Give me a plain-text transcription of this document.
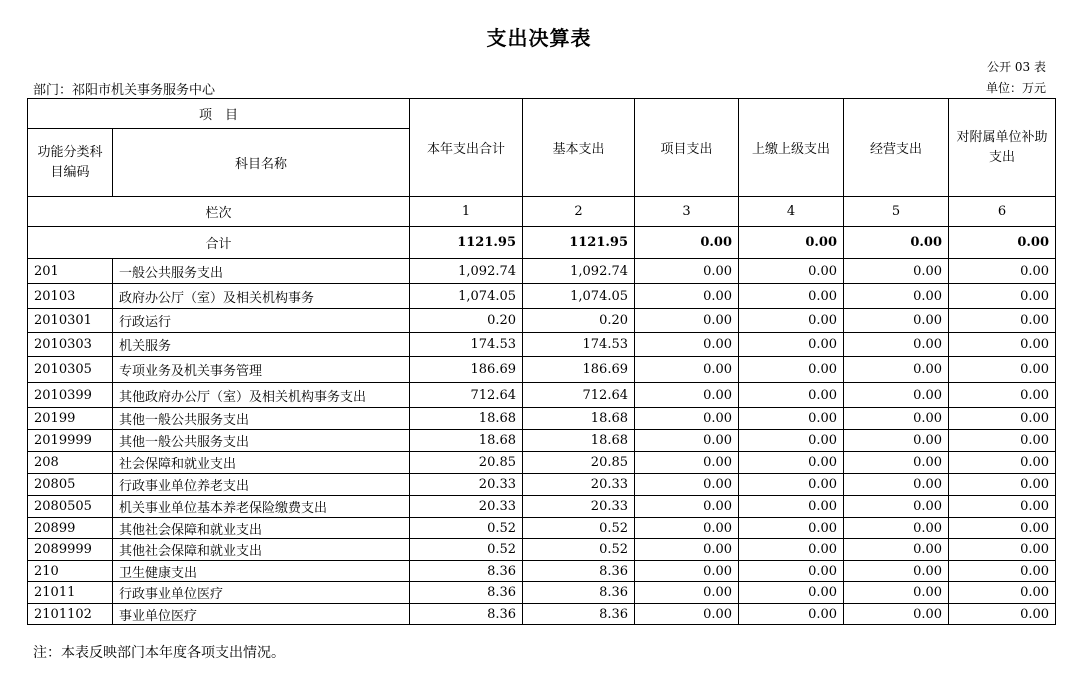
支出决算表
公开 03 表
部门：祁阳市机关事务服务中心	单位：万元
项　目		本年支出合计	基本支出	项目支出	上缴上级支出	经营支出	对附属单位补助支出
功能分类科目编码	科目名称						
栏次		1	2	3	4	5	6
合计		1121.95	1121.95	0.00	0.00	0.00	0.00
201	一般公共服务支出	1,092.74	1,092.74	0.00	0.00	0.00	0.00
20103	政府办公厅（室）及相关机构事务	1,074.05	1,074.05	0.00	0.00	0.00	0.00
2010301	行政运行	0.20	0.20	0.00	0.00	0.00	0.00
2010303	机关服务	174.53	174.53	0.00	0.00	0.00	0.00
2010305	专项业务及机关事务管理	186.69	186.69	0.00	0.00	0.00	0.00
2010399	其他政府办公厅（室）及相关机构事务支出	712.64	712.64	0.00	0.00	0.00	0.00
20199	其他一般公共服务支出	18.68	18.68	0.00	0.00	0.00	0.00
2019999	其他一般公共服务支出	18.68	18.68	0.00	0.00	0.00	0.00
208	社会保障和就业支出	20.85	20.85	0.00	0.00	0.00	0.00
20805	行政事业单位养老支出	20.33	20.33	0.00	0.00	0.00	0.00
2080505	机关事业单位基本养老保险缴费支出	20.33	20.33	0.00	0.00	0.00	0.00
20899	其他社会保障和就业支出	0.52	0.52	0.00	0.00	0.00	0.00
2089999	其他社会保障和就业支出	0.52	0.52	0.00	0.00	0.00	0.00
210	卫生健康支出	8.36	8.36	0.00	0.00	0.00	0.00
21011	行政事业单位医疗	8.36	8.36	0.00	0.00	0.00	0.00
2101102	事业单位医疗	8.36	8.36	0.00	0.00	0.00	0.00
注：本表反映部门本年度各项支出情况。
